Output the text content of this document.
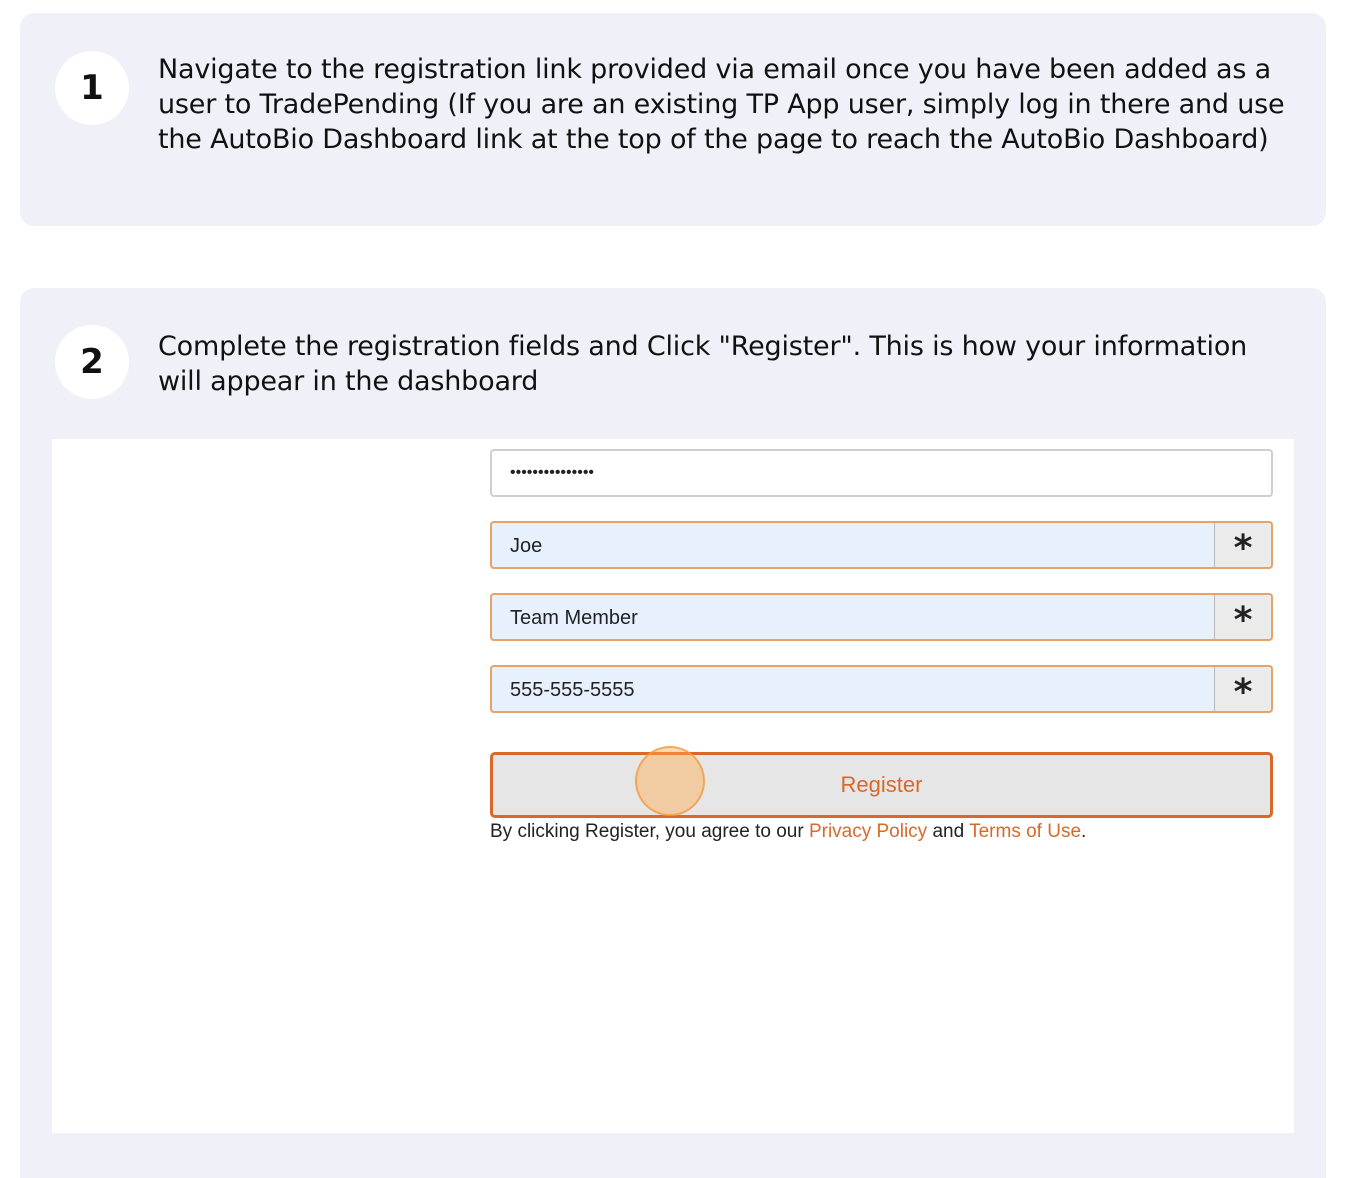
1	Navigate to the registration link provided via email once you have been added as a user to TradePending (If you are an existing TP App user, simply log in there and use the AutoBio Dashboard link at the top of the page to reach the AutoBio Dashboard)
2	Complete the registration fields and Click "Register". This is how your information will appear in the dashboard
•••••••••••••••
Joe	*
Team Member	*
555-555-5555	*
Register
By clicking Register, you agree to our Privacy Policy and Terms of Use.
